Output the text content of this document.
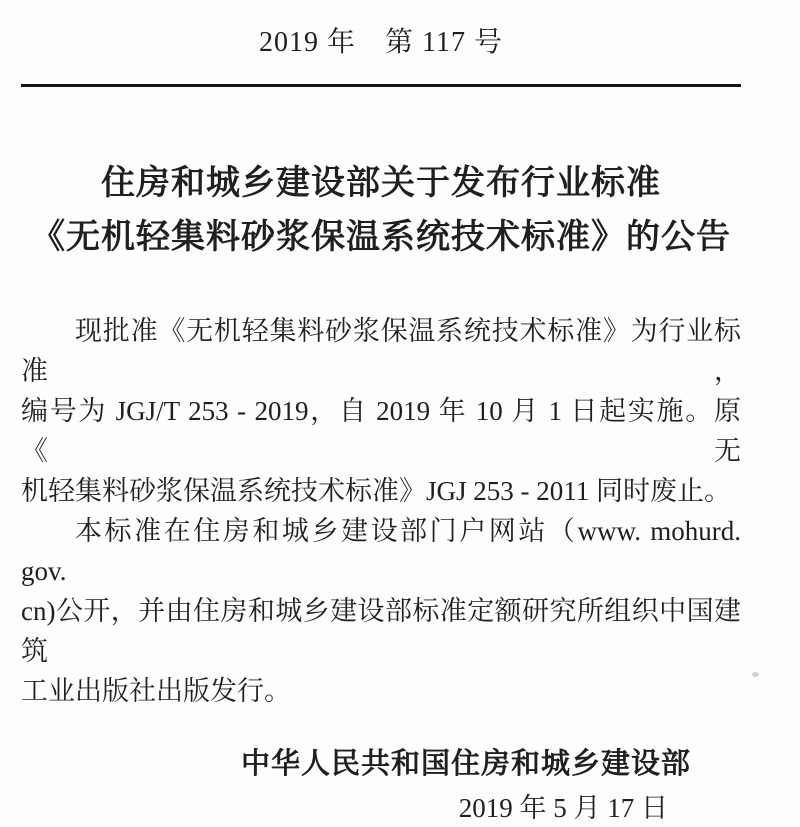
2019 年　第 117 号
住房和城乡建设部关于发布行业标准
《无机轻集料砂浆保温系统技术标准》的公告

现批准《无机轻集料砂浆保温系统技术标准》为行业标准，
编号为 JGJ/T 253 - 2019，自 2019 年 10 月 1 日起实施。原《无
机轻集料砂浆保温系统技术标准》JGJ 253 - 2011 同时废止。

本标准在住房和城乡建设部门户网站（www. mohurd. gov.
cn)公开，并由住房和城乡建设部标准定额研究所组织中国建筑
工业出版社出版发行。

中华人民共和国住房和城乡建设部
2019 年 5 月 17 日
